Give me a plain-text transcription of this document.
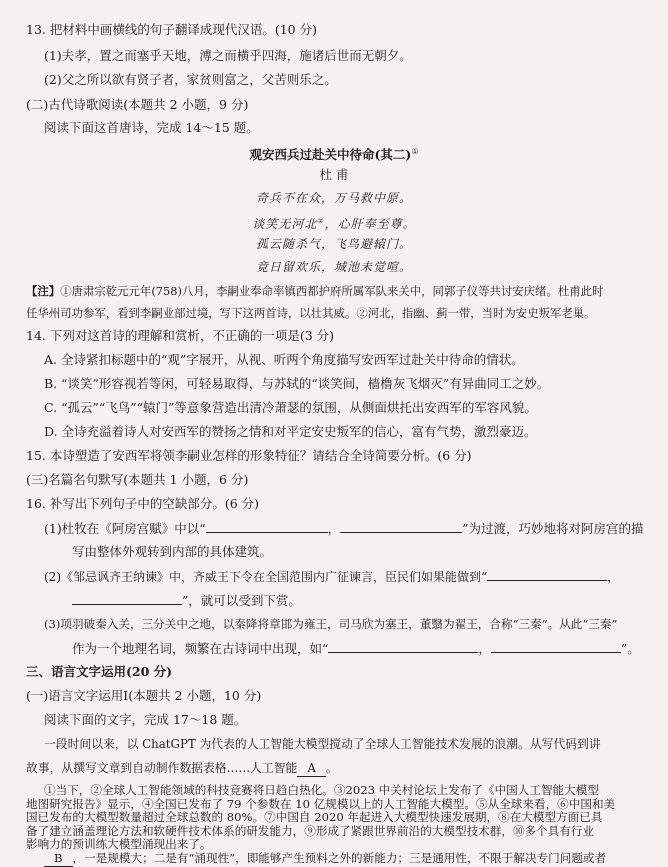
13. 把材料中画横线的句子翻译成现代汉语。(10 分)
(1)夫孝，置之而塞乎天地，溥之而横乎四海，施诸后世而无朝夕。
(2)父之所以欲有贤子者，家贫则富之，父苦则乐之。
(二)古代诗歌阅读(本题共 2 小题，9 分)
阅读下面这首唐诗，完成 14～15 题。
观安西兵过赴关中待命(其二)①
杜 甫
奇兵不在众，万马救中原。
谈笑无河北②，心肝奉至尊。
孤云随杀气，飞鸟避辕门。
竟日留欢乐，城池未觉喧。
【注】①唐肃宗乾元元年(758)八月，李嗣业奉命率镇西都护府所属军队来关中，同郭子仪等共讨安庆绪。杜甫此时
任华州司功参军，看到李嗣业部过境，写下这两首诗，以壮其威。②河北，指幽、蓟一带，当时为安史叛军老巢。
14. 下列对这首诗的理解和赏析，不正确的一项是(3 分)
A. 全诗紧扣标题中的“观”字展开，从视、听两个角度描写安西军过赴关中待命的情状。
B. “谈笑”形容视若等闲，可轻易取得，与苏轼的“谈笑间，樯橹灰飞烟灭”有异曲同工之妙。
C. “孤云”“飞鸟”“辕门”等意象营造出清冷萧瑟的氛围，从侧面烘托出安西军的军容风貌。
D. 全诗充溢着诗人对安西军的赞扬之情和对平定安史叛军的信心，富有气势，激烈豪迈。
15. 本诗塑造了安西军将领李嗣业怎样的形象特征？请结合全诗简要分析。(6 分)
(三)名篇名句默写(本题共 1 小题，6 分)
16. 补写出下列句子中的空缺部分。(6 分)
(1)杜牧在《阿房宫赋》中以“	，	”为过渡，巧妙地将对阿房宫的描
写由整体外观转到内部的具体建筑。
(2)《邹忌讽齐王纳谏》中，齐威王下令在全国范围内广征谏言，臣民们如果能做到“	，
”，就可以受到下赏。
(3)项羽破秦入关，三分关中之地，以秦降将章邯为雍王，司马欣为塞王，董翳为翟王，合称“三秦”。从此“三秦”
作为一个地理名词，频繁在古诗词中出现，如“	，	”。
三、语言文字运用(20 分)
(一)语言文字运用Ⅰ(本题共 2 小题，10 分)
阅读下面的文字，完成 17～18 题。
一段时间以来，以 ChatGPT 为代表的人工智能大模型搅动了全球人工智能技术发展的浪潮。从写代码到讲
故事，从撰写文章到自动制作数据表格……人工智能 A 。
①当下，②全球人工智能领域的科技竞赛将日趋白热化。③2023 中关村论坛上发布了《中国人工智能大模型
地图研究报告》显示，④全国已发布了 79 个参数在 10 亿规模以上的人工智能大模型。⑤从全球来看，⑥中国和美
国已发布的大模型数量超过全球总数的 80%。⑦中国自 2020 年起进入大模型快速发展期，⑧在大模型方面已具
备了建立涵盖理论方法和软硬件技术体系的研发能力，⑨形成了紧跟世界前沿的大模型技术群，⑩多个具有行业
影响力的预训练大模型涌现出来了。
B ，一是规模大；二是有“涌现性”，即能够产生预料之外的新能力；三是通用性，不限于解决专门问题或者
